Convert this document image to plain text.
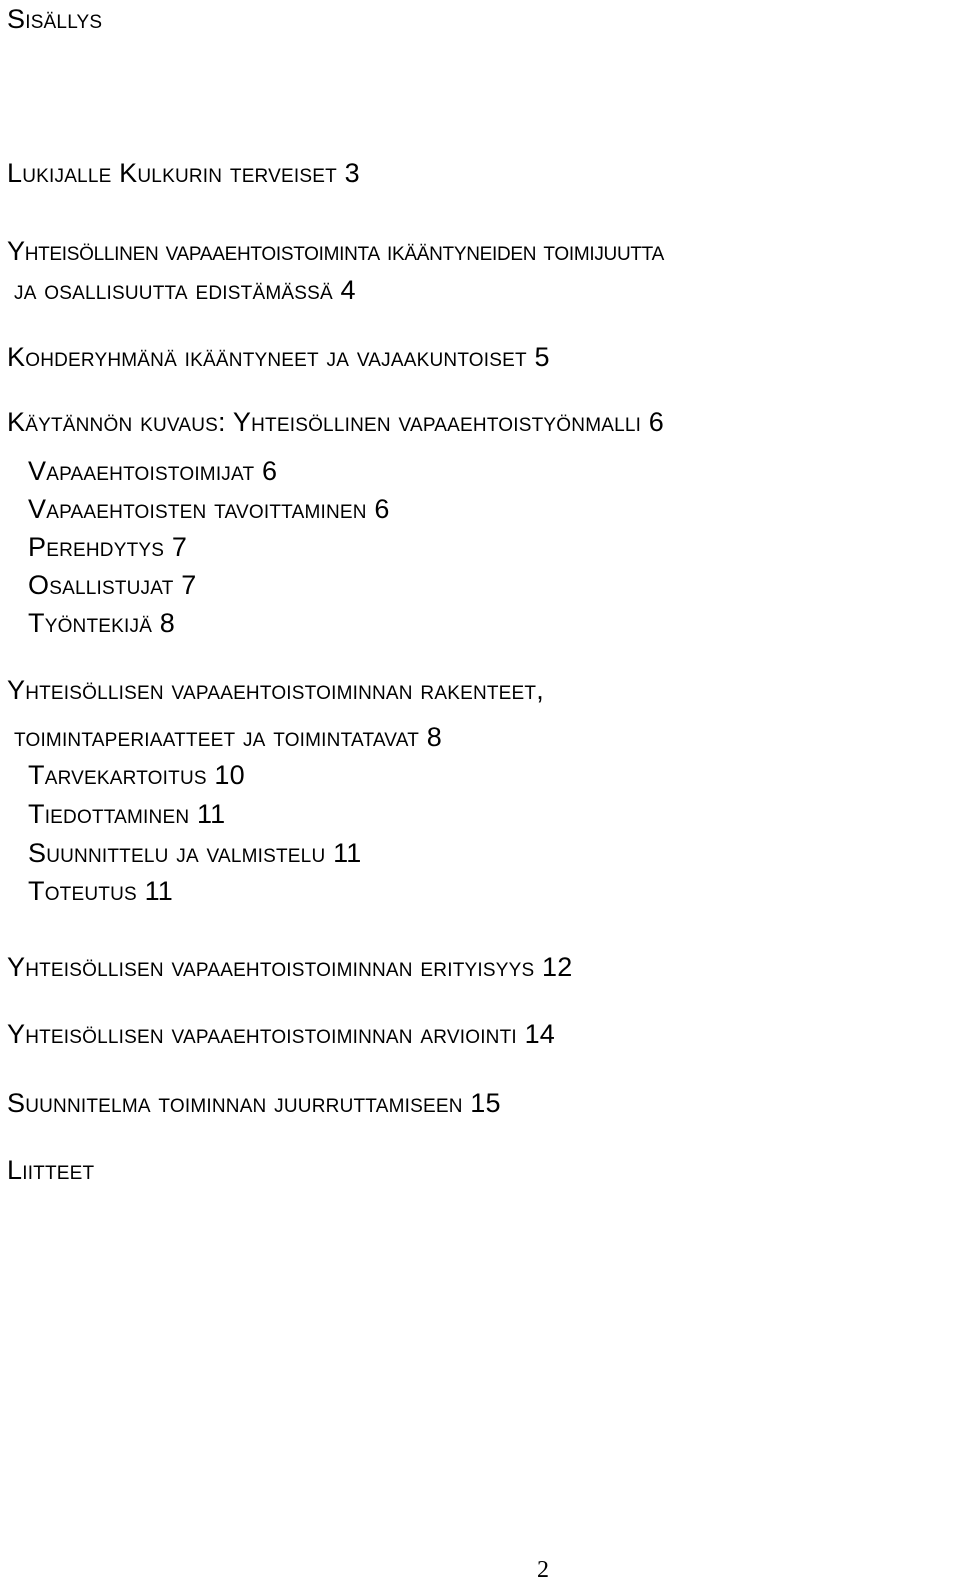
Sisällys
Lukijalle Kulkurin terveiset 3
Yhteisöllinen vapaaehtoistoiminta ikääntyneiden toimijuutta
ja osallisuutta edistämässä 4
Kohderyhmänä ikääntyneet ja vajaakuntoiset 5
Käytännön kuvaus: Yhteisöllinen vapaaehtoistyönmalli 6
Vapaaehtoistoimijat 6
Vapaaehtoisten tavoittaminen 6
Perehdytys 7
Osallistujat 7
Työntekijä 8
Yhteisöllisen vapaaehtoistoiminnan rakenteet,
toimintaperiaatteet ja toimintatavat 8
Tarvekartoitus 10
Tiedottaminen 11
Suunnittelu ja valmistelu 11
Toteutus 11
Yhteisöllisen vapaaehtoistoiminnan erityisyys 12
Yhteisöllisen vapaaehtoistoiminnan arviointi 14
Suunnitelma toiminnan juurruttamiseen 15
Liitteet
2
